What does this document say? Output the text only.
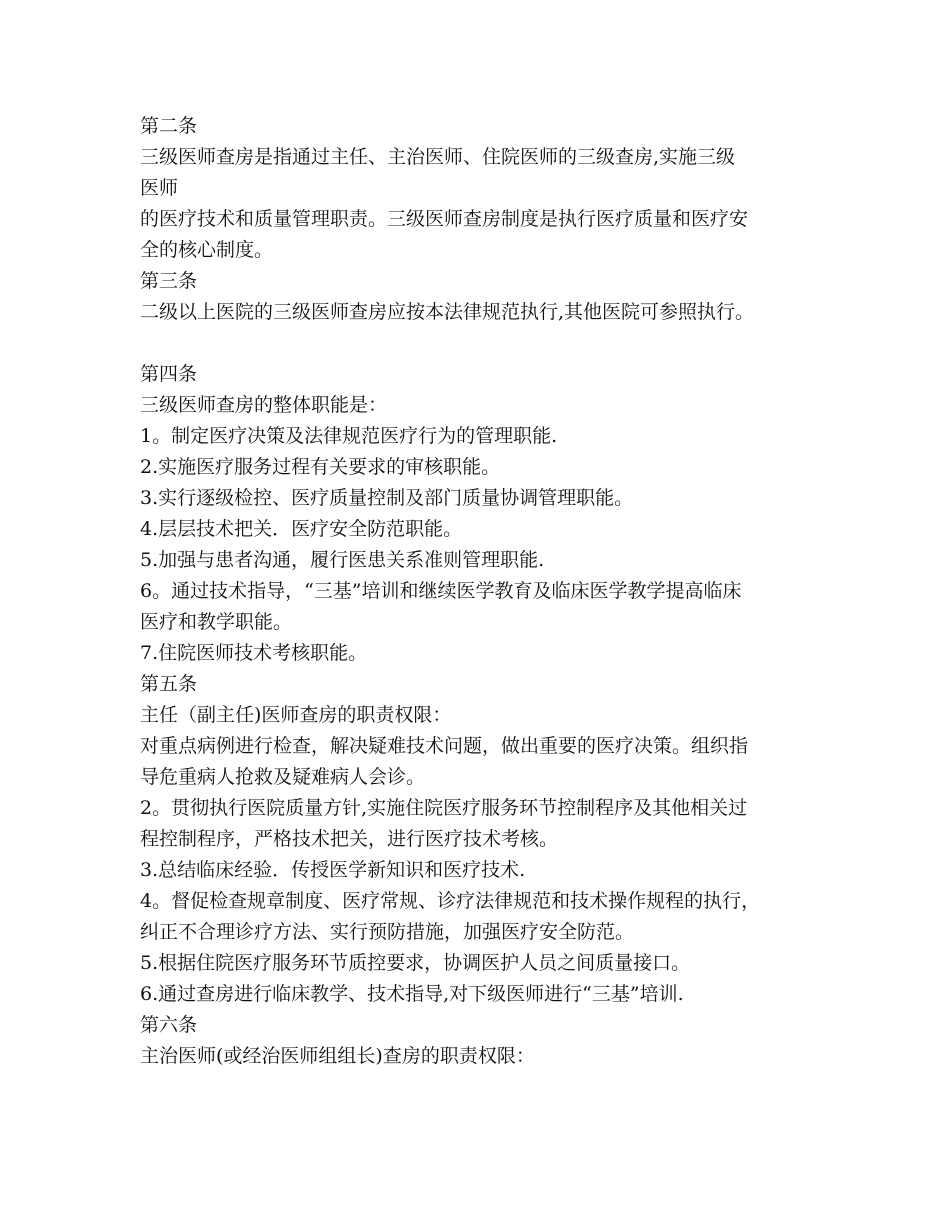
第二条
三级医师查房是指通过主任、主治医师、住院医师的三级查房,实施三级
医师
的医疗技术和质量管理职责。三级医师查房制度是执行医疗质量和医疗安
全的核心制度。
第三条
二级以上医院的三级医师查房应按本法律规范执行,其他医院可参照执行。
第四条
三级医师查房的整体职能是：
1。制定医疗决策及法律规范医疗行为的管理职能.
2.实施医疗服务过程有关要求的审核职能。
3.实行逐级检控、医疗质量控制及部门质量协调管理职能。
4.层层技术把关．医疗安全防范职能。
5.加强与患者沟通，履行医患关系准则管理职能.
6。通过技术指导，“三基”培训和继续医学教育及临床医学教学提高临床
医疗和教学职能。
7.住院医师技术考核职能。
第五条
主任（副主任)医师查房的职责权限：
对重点病例进行检查，解决疑难技术问题，做出重要的医疗决策。组织指
导危重病人抢救及疑难病人会诊。
2。贯彻执行医院质量方针,实施住院医疗服务环节控制程序及其他相关过
程控制程序，严格技术把关，进行医疗技术考核。
3.总结临床经验．传授医学新知识和医疗技术.
4。督促检查规章制度、医疗常规、诊疗法律规范和技术操作规程的执行，
纠正不合理诊疗方法、实行预防措施，加强医疗安全防范。
5.根据住院医疗服务环节质控要求，协调医护人员之间质量接口。
6.通过查房进行临床教学、技术指导,对下级医师进行“三基”培训.
第六条
主治医师(或经治医师组组长)查房的职责权限：
